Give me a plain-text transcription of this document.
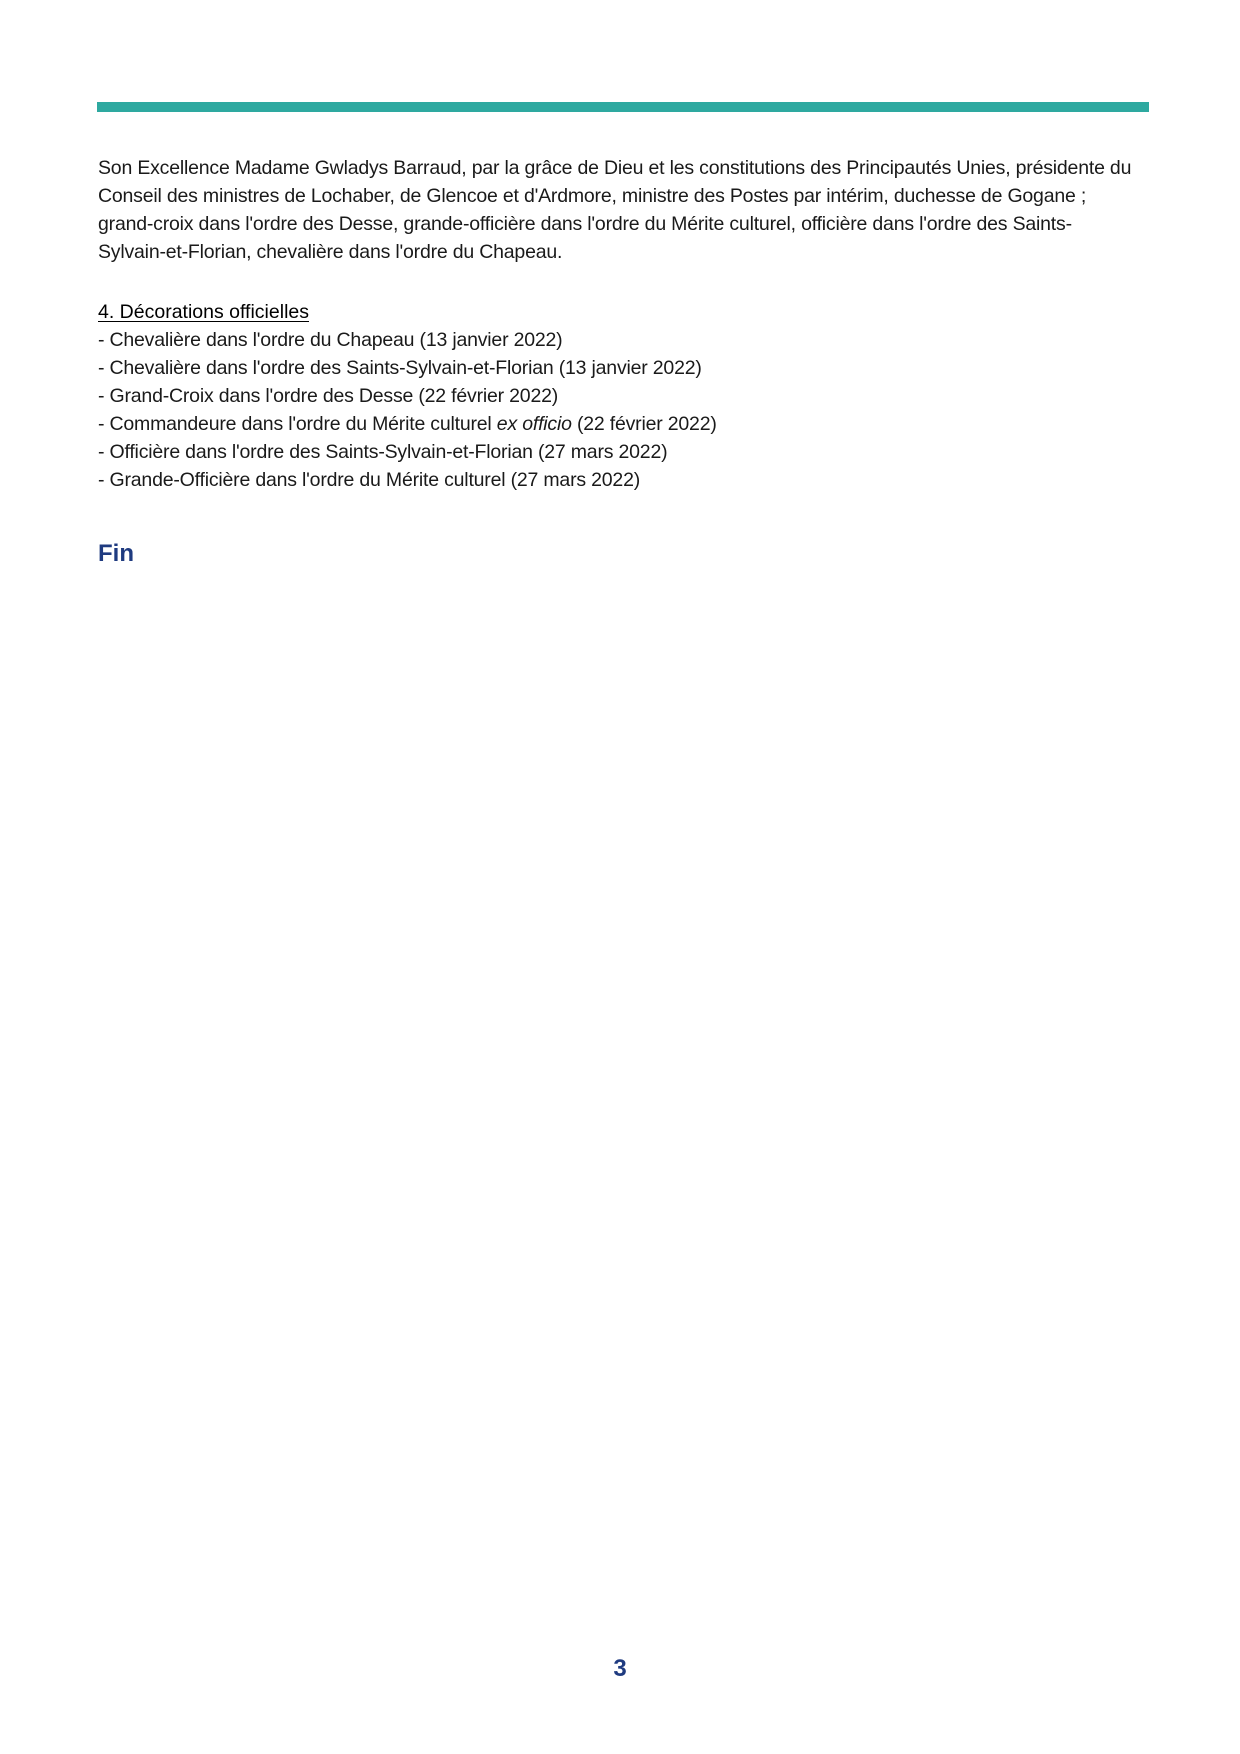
Son Excellence Madame Gwladys Barraud, par la grâce de Dieu et les constitutions des Principautés Unies, présidente du Conseil des ministres de Lochaber, de Glencoe et d'Ardmore, ministre des Postes par intérim, duchesse de Gogane ; grand-croix dans l'ordre des Desse, grande-officière dans l'ordre du Mérite culturel, officière dans l'ordre des Saints-Sylvain-et-Florian, chevalière dans l'ordre du Chapeau.

4. Décorations officielles
- Chevalière dans l'ordre du Chapeau (13 janvier 2022)
- Chevalière dans l'ordre des Saints-Sylvain-et-Florian (13 janvier 2022)
- Grand-Croix dans l'ordre des Desse (22 février 2022)
- Commandeure dans l'ordre du Mérite culturel ex officio (22 février 2022)
- Officière dans l'ordre des Saints-Sylvain-et-Florian (27 mars 2022)
- Grande-Officière dans l'ordre du Mérite culturel (27 mars 2022)

Fin

3
